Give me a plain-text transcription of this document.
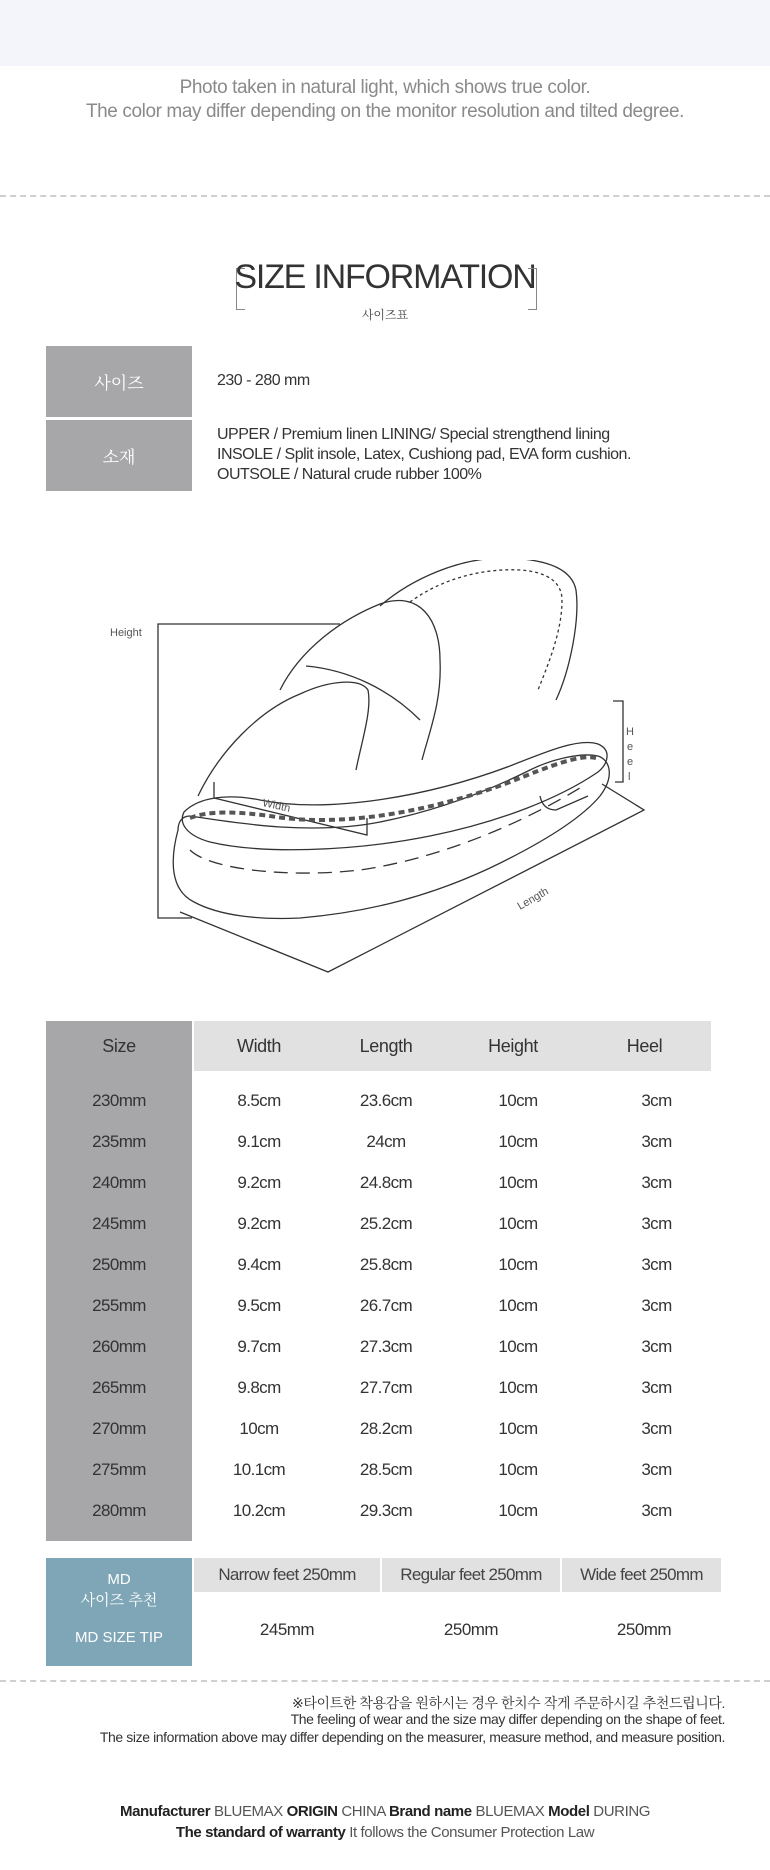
Photo taken in natural light, which shows true color.
The color may differ depending on the monitor resolution and tilted degree.
SIZE INFORMATION
사이즈표
사이즈	230 - 280 mm
소재
UPPER / Premium linen LINING/ Special strengthend lining
INSOLE / Split insole, Latex, Cushiong pad, EVA form cushion.
OUTSOLE / Natural crude rubber 100%
Height
Width
Length
H
e
e
l
Size	Width	Length	Height	Heel
230mm	8.5cm	23.6cm	10cm	3cm
235mm	9.1cm	24cm	10cm	3cm
240mm	9.2cm	24.8cm	10cm	3cm
245mm	9.2cm	25.2cm	10cm	3cm
250mm	9.4cm	25.8cm	10cm	3cm
255mm	9.5cm	26.7cm	10cm	3cm
260mm	9.7cm	27.3cm	10cm	3cm
265mm	9.8cm	27.7cm	10cm	3cm
270mm	10cm	28.2cm	10cm	3cm
275mm	10.1cm	28.5cm	10cm	3cm
280mm	10.2cm	29.3cm	10cm	3cm
MD
사이즈 추천
MD SIZE TIP
Narrow feet 250mm	Regular feet 250mm	Wide feet 250mm
245mm	250mm	250mm
※타이트한 착용감을 원하시는 경우 한치수 작게 주문하시길 추천드립니다.
The feeling of wear and the size may differ depending on the shape of feet.
The size information above may differ depending on the measurer, measure method, and measure position.
Manufacturer BLUEMAX ORIGIN CHINA Brand name BLUEMAX Model DURING
The standard of warranty It follows the Consumer Protection Law
